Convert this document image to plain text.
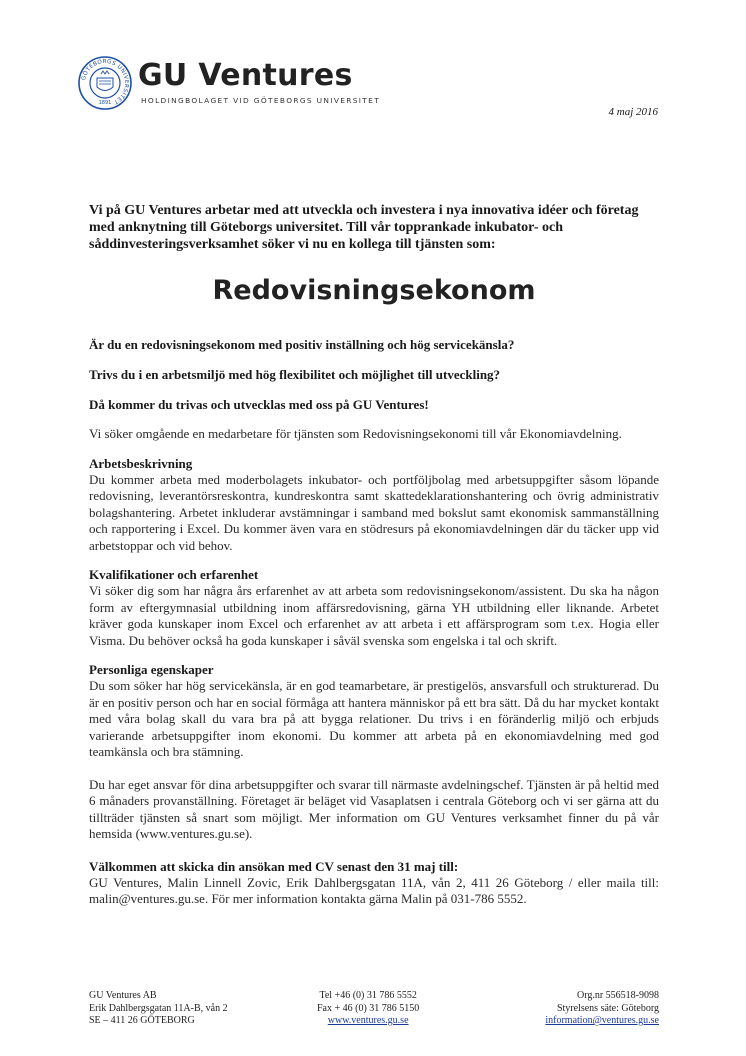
GÖTEBORGS UNIVERSITET
1891
GU Ventures
HOLDINGBOLAGET VID GÖTEBORGS UNIVERSITET
4 maj 2016

Vi på GU Ventures arbetar med att utveckla och investera i nya innovativa idéer och företag med anknytning till Göteborgs universitet. Till vår topprankade inkubator- och såddinvesteringsverksamhet söker vi nu en kollega till tjänsten som:

Redovisningsekonom

Är du en redovisningsekonom med positiv inställning och hög servicekänsla?

Trivs du i en arbetsmiljö med hög flexibilitet och möjlighet till utveckling?

Då kommer du trivas och utvecklas med oss på GU Ventures!

Vi söker omgående en medarbetare för tjänsten som Redovisningsekonomi till vår Ekonomiavdelning.

Arbetsbeskrivning

Du kommer arbeta med moderbolagets inkubator- och portföljbolag med arbetsuppgifter såsom löpande redovisning, leverantörsreskontra, kundreskontra samt skattedeklarationshantering och övrig administrativ bolagshantering. Arbetet inkluderar avstämningar i samband med bokslut samt ekonomisk sammanställning och rapportering i Excel. Du kommer även vara en stödresurs på ekonomiavdelningen där du täcker upp vid arbetstoppar och vid behov.

Kvalifikationer och erfarenhet

Vi söker dig som har några års erfarenhet av att arbeta som redovisningsekonom/assistent. Du ska ha någon form av eftergymnasial utbildning inom affärsredovisning, gärna YH utbildning eller liknande. Arbetet kräver goda kunskaper inom Excel och erfarenhet av att arbeta i ett affärsprogram som t.ex. Hogia eller Visma. Du behöver också ha goda kunskaper i såväl svenska som engelska i tal och skrift.

Personliga egenskaper

Du som söker har hög servicekänsla, är en god teamarbetare, är prestigelös, ansvarsfull och strukturerad. Du är en positiv person och har en social förmåga att hantera människor på ett bra sätt. Då du har mycket kontakt med våra bolag skall du vara bra på att bygga relationer. Du trivs i en föränderlig miljö och erbjuds varierande arbetsuppgifter inom ekonomi. Du kommer att arbeta på en ekonomiavdelning med god teamkänsla och bra stämning.

Du har eget ansvar för dina arbetsuppgifter och svarar till närmaste avdelningschef. Tjänsten är på heltid med 6 månaders provanställning. Företaget är beläget vid Vasaplatsen i centrala Göteborg och vi ser gärna att du tillträder tjänsten så snart som möjligt. Mer information om GU Ventures verksamhet finner du på vår hemsida (www.ventures.gu.se).

Välkommen att skicka din ansökan med CV senast den 31 maj till:

GU Ventures, Malin Linnell Zovic, Erik Dahlbergsgatan 11A, vån 2, 411 26 Göteborg / eller maila till: malin@ventures.gu.se. För mer information kontakta gärna Malin på 031-786 5552.

GU Ventures AB
Erik Dahlbergsgatan 11A-B, vån 2
SE – 411 26 GÖTEBORG
Tel +46 (0) 31 786 5552
Fax + 46 (0) 31 786 5150
www.ventures.gu.se
Org.nr 556518-9098
Styrelsens säte: Göteborg
information@ventures.gu.se
